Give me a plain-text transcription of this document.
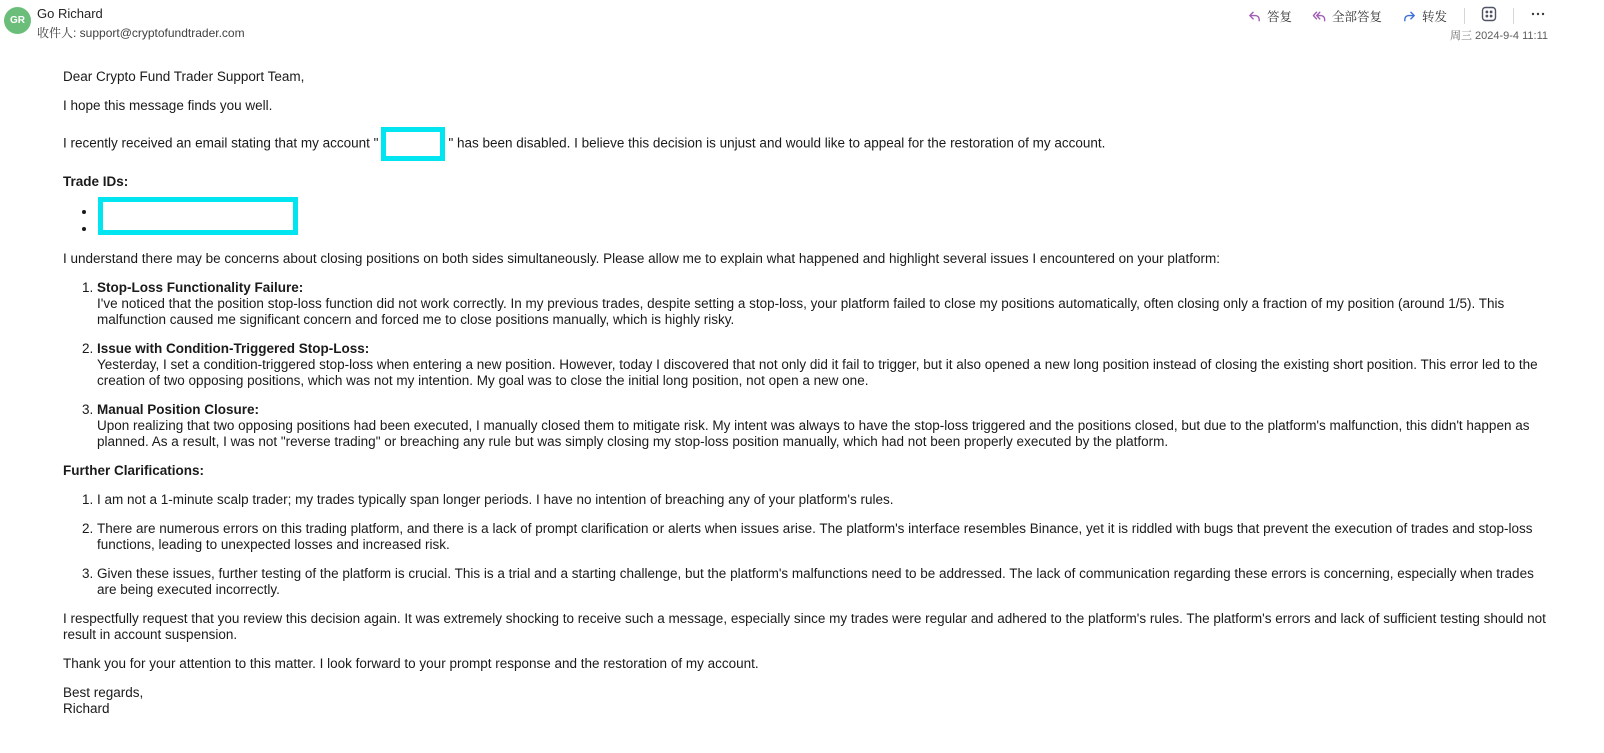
GR Go Richard
收件人: support@cryptofundtrader.com
答复	全部答复	转发
周三 2024-9-4 11:11

Dear Crypto Fund Trader Support Team,

I hope this message finds you well.

I recently received an email stating that my account "	" has been disabled. I believe this decision is unjust and would like to appeal for the restoration of my account.

Trade IDs:

•
•

I understand there may be concerns about closing positions on both sides simultaneously. Please allow me to explain what happened and highlight several issues I encountered on your platform:

1. Stop-Loss Functionality Failure:
I've noticed that the position stop-loss function did not work correctly. In my previous trades, despite setting a stop-loss, your platform failed to close my positions automatically, often closing only a fraction of my position (around 1/5). This malfunction caused me significant concern and forced me to close positions manually, which is highly risky.
2. Issue with Condition-Triggered Stop-Loss:
Yesterday, I set a condition-triggered stop-loss when entering a new position. However, today I discovered that not only did it fail to trigger, but it also opened a new long position instead of closing the existing short position. This error led to the creation of two opposing positions, which was not my intention. My goal was to close the initial long position, not open a new one.
3. Manual Position Closure:
Upon realizing that two opposing positions had been executed, I manually closed them to mitigate risk. My intent was always to have the stop-loss triggered and the positions closed, but due to the platform's malfunction, this didn't happen as planned. As a result, I was not "reverse trading" or breaching any rule but was simply closing my stop-loss position manually, which had not been properly executed by the platform.

Further Clarifications:

1. I am not a 1-minute scalp trader; my trades typically span longer periods. I have no intention of breaching any of your platform's rules.
2. There are numerous errors on this trading platform, and there is a lack of prompt clarification or alerts when issues arise. The platform's interface resembles Binance, yet it is riddled with bugs that prevent the execution of trades and stop-loss functions, leading to unexpected losses and increased risk.
3. Given these issues, further testing of the platform is crucial. This is a trial and a starting challenge, but the platform's malfunctions need to be addressed. The lack of communication regarding these errors is concerning, especially when trades are being executed incorrectly.

I respectfully request that you review this decision again. It was extremely shocking to receive such a message, especially since my trades were regular and adhered to the platform's rules. The platform's errors and lack of sufficient testing should not result in account suspension.

Thank you for your attention to this matter. I look forward to your prompt response and the restoration of my account.

Best regards,
Richard
